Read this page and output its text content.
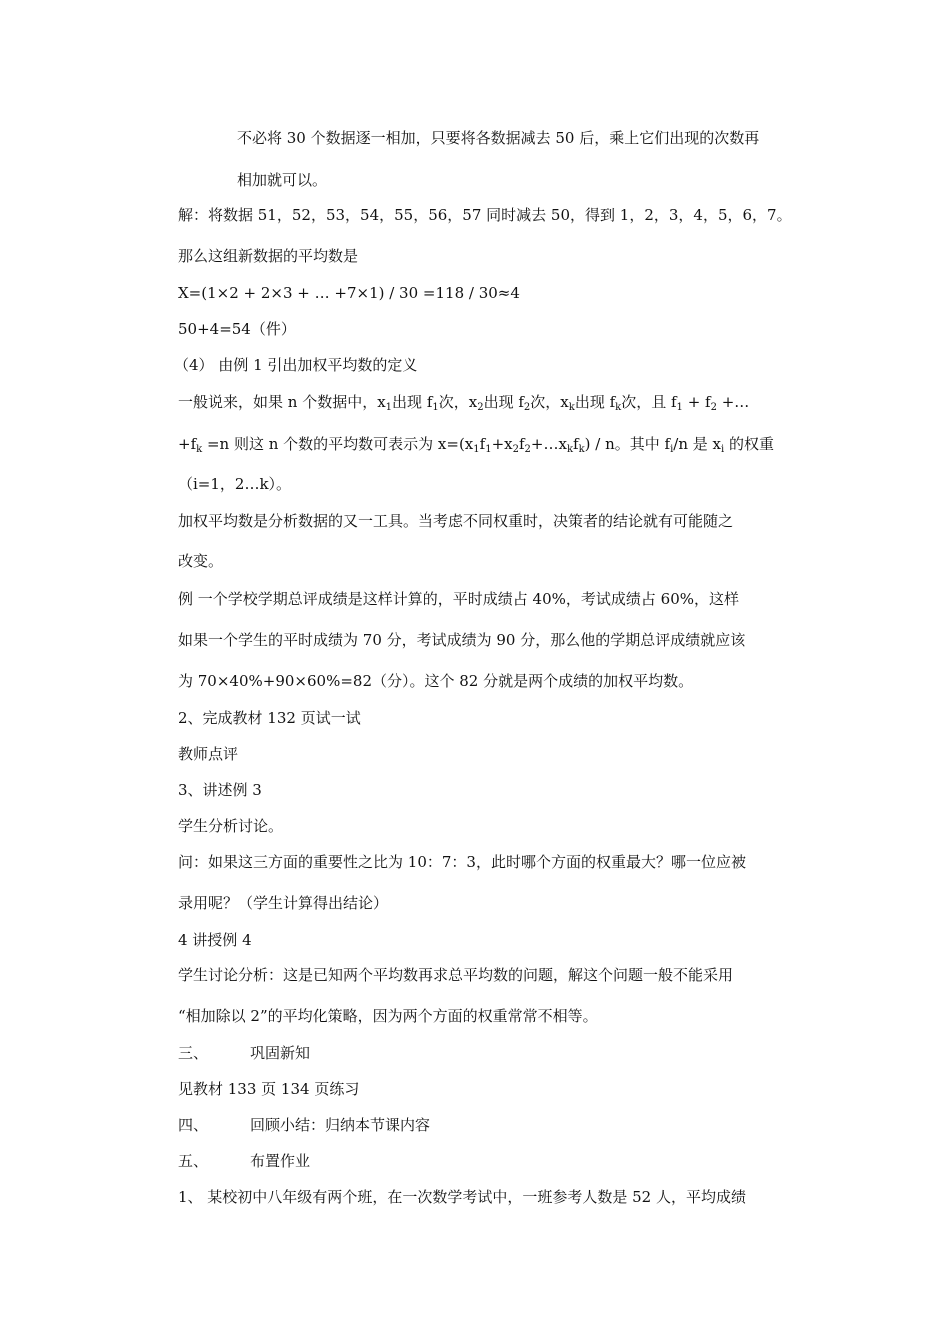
不必将 30 个数据逐一相加，只要将各数据减去 50 后，乘上它们出现的次数再
相加就可以。
解：将数据 51，52，53，54，55，56，57 同时减去 50，得到 1，2，3，4，5，6，7。
那么这组新数据的平均数是
X=(1×2 + 2×3 + … +7×1) / 30 =118 / 30≈4
50+4=54（件）
（4） 由例 1 引出加权平均数的定义
一般说来，如果 n 个数据中，$x_1$出现 $f_1$次，$x_2$出现 $f_2$次，$x_k$出现 $f_k$次，且 $f_1 + f_2$ +…
$+f_k =n$ 则这 n 个数的平均数可表示为 $x=(x_1f_1+x_2f_2+\dots x_kf_k) / n$。其中 $f_i/n$ 是 $x_i$ 的权重
（i=1，2…k）。
加权平均数是分析数据的又一工具。当考虑不同权重时，决策者的结论就有可能随之
改变。
例 一个学校学期总评成绩是这样计算的，平时成绩占 40%，考试成绩占 60%，这样
如果一个学生的平时成绩为 70 分，考试成绩为 90 分，那么他的学期总评成绩就应该
为 70×40%+90×60%=82（分）。这个 82 分就是两个成绩的加权平均数。
2、完成教材 132 页试一试
教师点评
3、讲述例 3
学生分析讨论。
问：如果这三方面的重要性之比为 10：7：3，此时哪个方面的权重最大？哪一位应被
录用呢？（学生计算得出结论）
4 讲授例 4
学生讨论分析：这是已知两个平均数再求总平均数的问题，解这个问题一般不能采用
“相加除以 2”的平均化策略，因为两个方面的权重常常不相等。
三、	巩固新知
见教材 133 页 134 页练习
四、	回顾小结：归纳本节课内容
五、	布置作业
1、 某校初中八年级有两个班，在一次数学考试中，一班参考人数是 52 人，平均成绩
